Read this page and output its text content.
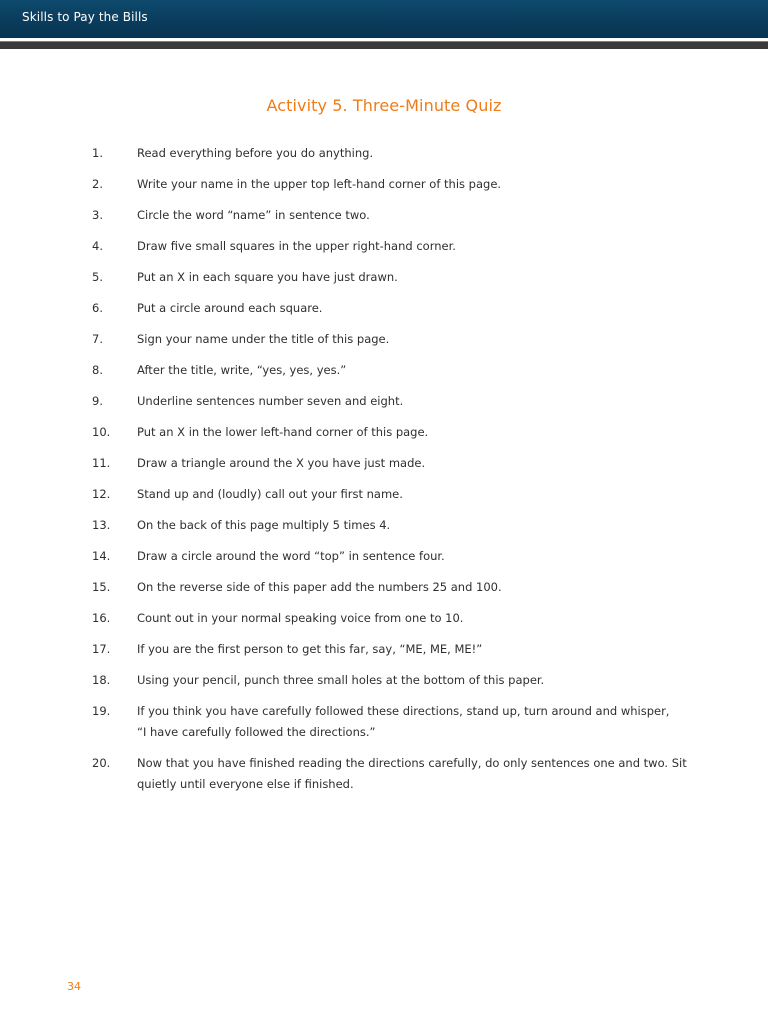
Skills to Pay the Bills
Activity 5. Three-Minute Quiz
1.	Read everything before you do anything.
2.	Write your name in the upper top left-hand corner of this page.
3.	Circle the word “name” in sentence two.
4.	Draw five small squares in the upper right-hand corner.
5.	Put an X in each square you have just drawn.
6.	Put a circle around each square.
7.	Sign your name under the title of this page.
8.	After the title, write, “yes, yes, yes.”
9.	Underline sentences number seven and eight.
10. Put an X in the lower left-hand corner of this page.
11. Draw a triangle around the X you have just made.
12. Stand up and (loudly) call out your first name.
13. On the back of this page multiply 5 times 4.
14. Draw a circle around the word “top” in sentence four.
15. On the reverse side of this paper add the numbers 25 and 100.
16. Count out in your normal speaking voice from one to 10.
17. If you are the first person to get this far, say, “ME, ME, ME!”
18. Using your pencil, punch three small holes at the bottom of this paper.
19. If you think you have carefully followed these directions, stand up, turn around and whisper,
“I have carefully followed the directions.”
20. Now that you have finished reading the directions carefully, do only sentences one and two. Sit
quietly until everyone else if finished.
34
